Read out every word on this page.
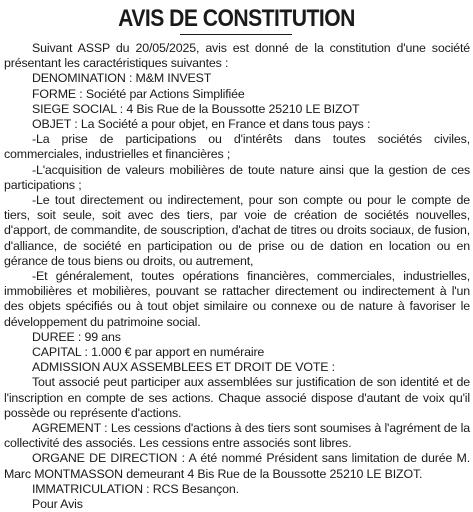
AVIS DE CONSTITUTION

Suivant ASSP du 20/05/2025, avis est donné de la constitution d'une société présentant les caractéristiques suivantes :

DENOMINATION : M&M INVEST

FORME : Société par Actions Simplifiée

SIEGE SOCIAL : 4 Bis Rue de la Boussotte 25210 LE BIZOT

OBJET : La Société a pour objet, en France et dans tous pays :

-La prise de participations ou d'intérêts dans toutes sociétés civiles, commerciales, industrielles et financières ;

-L'acquisition de valeurs mobilières de toute nature ainsi que la gestion de ces participations ;

-Le tout directement ou indirectement, pour son compte ou pour le compte de tiers, soit seule, soit avec des tiers, par voie de création de sociétés nouvelles, d'apport, de commandite, de souscription, d'achat de titres ou droits sociaux, de fusion, d'alliance, de société en participation ou de prise ou de dation en location ou en gérance de tous biens ou droits, ou autrement,

-Et généralement, toutes opérations financières, commerciales, industrielles, immobilières et mobilières, pouvant se rattacher directement ou indirectement à l'un des objets spécifiés ou à tout objet similaire ou connexe ou de nature à favoriser le développement du patrimoine social.

DUREE : 99 ans

CAPITAL : 1.000 € par apport en numéraire

ADMISSION AUX ASSEMBLEES ET DROIT DE VOTE :

Tout associé peut participer aux assemblées sur justification de son identité et de l'inscription en compte de ses actions. Chaque associé dispose d'autant de voix qu'il possède ou représente d'actions.

AGREMENT : Les cessions d'actions à des tiers sont soumises à l'agrément de la collectivité des associés. Les cessions entre associés sont libres.

ORGANE DE DIRECTION : A été nommé Président sans limitation de durée M. Marc MONTMASSON demeurant 4 Bis Rue de la Boussotte 25210 LE BIZOT.

IMMATRICULATION : RCS Besançon.

Pour Avis
